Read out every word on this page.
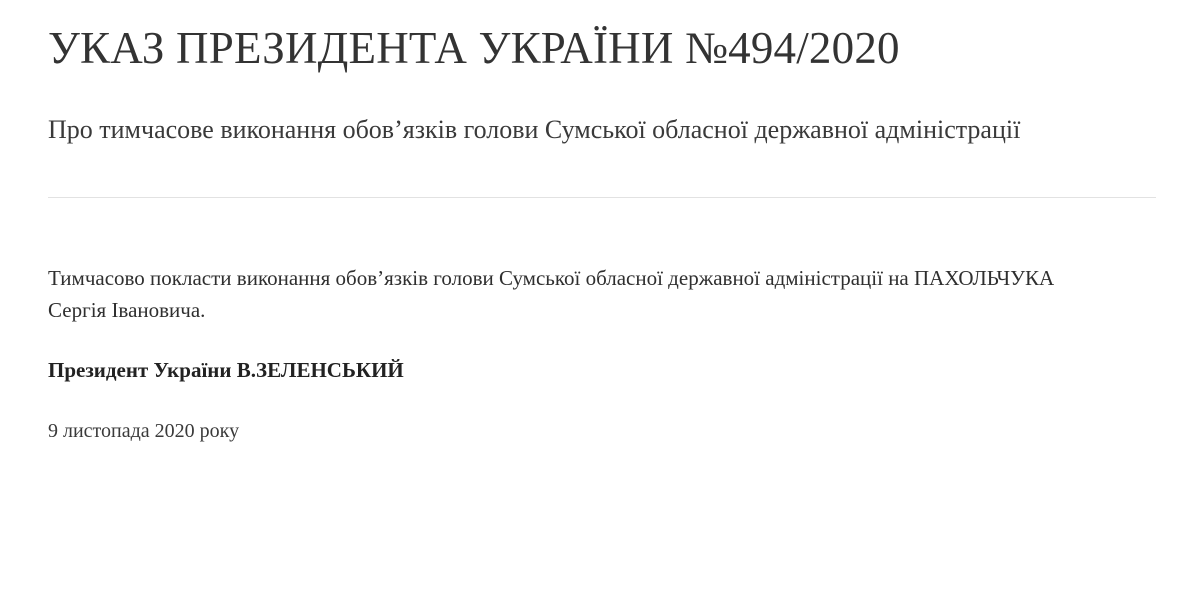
УКАЗ ПРЕЗИДЕНТА УКРАЇНИ №494/2020
Про тимчасове виконання обов’язків голови Сумської обласної державної адміністрації

Тимчасово покласти виконання обов’язків голови Сумської обласної державної адміністрації на ПАХОЛЬЧУКА Сергія Івановича.

Президент України В.ЗЕЛЕНСЬКИЙ

9 листопада 2020 року
